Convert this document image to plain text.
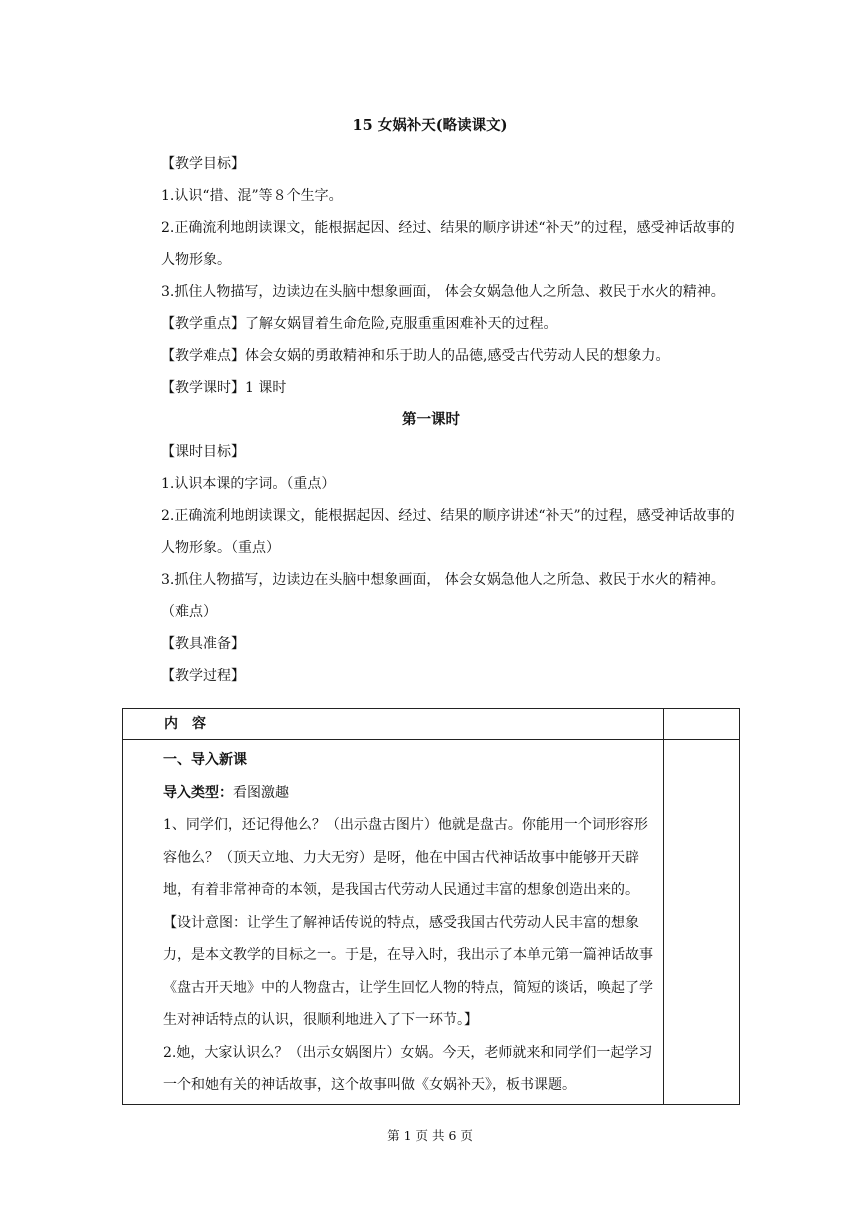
15 女娲补天(略读课文)

【教学目标】

1.认识“措、混”等８个生字。

2.正确流利地朗读课文，能根据起因、经过、结果的顺序讲述“补天”的过程，感受神话故事的人物形象。

3.抓住人物描写，边读边在头脑中想象画面， 体会女娲急他人之所急、救民于水火的精神。

【教学重点】了解女娲冒着生命危险,克服重重困难补天的过程。

【教学难点】体会女娲的勇敢精神和乐于助人的品德,感受古代劳动人民的想象力。

【教学课时】1 课时

第一课时

【课时目标】

1.认识本课的字词。（重点）

2.正确流利地朗读课文，能根据起因、经过、结果的顺序讲述“补天”的过程，感受神话故事的人物形象。（重点）

3.抓住人物描写，边读边在头脑中想象画面， 体会女娲急他人之所急、救民于水火的精神。（难点）

【教具准备】

【教学过程】

内　容	

一、导入新课

导入类型：看图激趣

1、同学们，还记得他么？（出示盘古图片）他就是盘古。你能用一个词形容形容他么？（顶天立地、力大无穷）是呀，他在中国古代神话故事中能够开天辟地，有着非常神奇的本领，是我国古代劳动人民通过丰富的想象创造出来的。

【设计意图：让学生了解神话传说的特点，感受我国古代劳动人民丰富的想象力，是本文教学的目标之一。于是，在导入时，我出示了本单元第一篇神话故事《盘古开天地》中的人物盘古，让学生回忆人物的特点，简短的谈话，唤起了学生对神话特点的认识，很顺利地进入了下一环节。】

2.她，大家认识么？（出示女娲图片）女娲。今天，老师就来和同学们一起学习一个和她有关的神话故事，这个故事叫做《女娲补天》，板书课题。	

第 1 页 共 6 页
